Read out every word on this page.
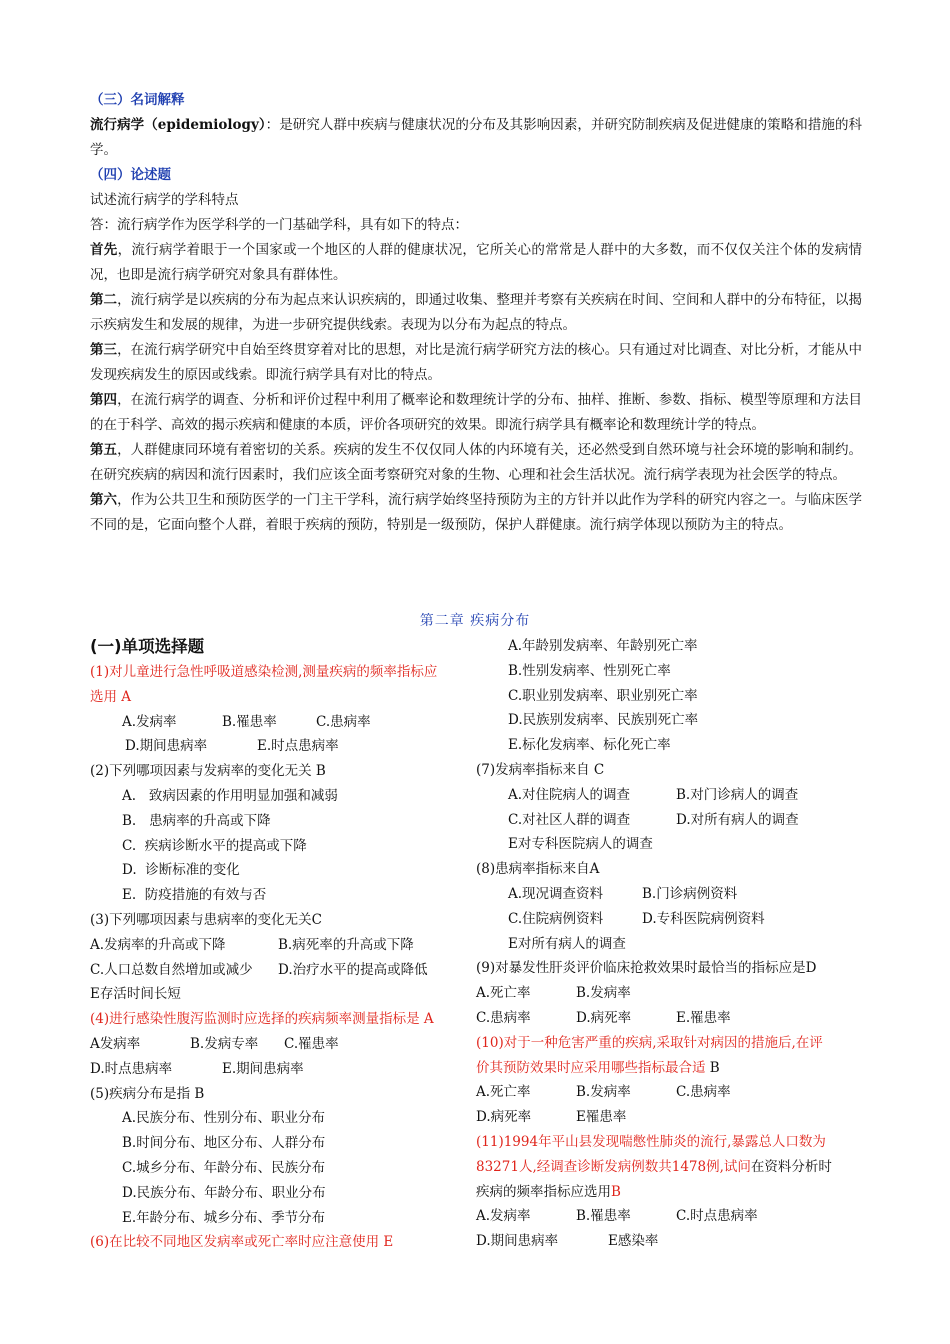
（三）名词解释

流行病学（epidemiology）：是研究人群中疾病与健康状况的分布及其影响因素，并研究防制疾病及促进健康的策略和措施的科学。

（四）论述题

试述流行病学的学科特点

答：流行病学作为医学科学的一门基础学科，具有如下的特点：

首先，流行病学着眼于一个国家或一个地区的人群的健康状况，它所关心的常常是人群中的大多数，而不仅仅关注个体的发病情况，也即是流行病学研究对象具有群体性。

第二，流行病学是以疾病的分布为起点来认识疾病的，即通过收集、整理并考察有关疾病在时间、空间和人群中的分布特征，以揭示疾病发生和发展的规律，为进一步研究提供线索。表现为以分布为起点的特点。

第三，在流行病学研究中自始至终贯穿着对比的思想，对比是流行病学研究方法的核心。只有通过对比调查、对比分析，才能从中发现疾病发生的原因或线索。即流行病学具有对比的特点。

第四，在流行病学的调查、分析和评价过程中利用了概率论和数理统计学的分布、抽样、推断、参数、指标、模型等原理和方法目的在于科学、高效的揭示疾病和健康的本质，评价各项研究的效果。即流行病学具有概率论和数理统计学的特点。

第五，人群健康同环境有着密切的关系。疾病的发生不仅仅同人体的内环境有关，还必然受到自然环境与社会环境的影响和制约。在研究疾病的病因和流行因素时，我们应该全面考察研究对象的生物、心理和社会生活状况。流行病学表现为社会医学的特点。

第六，作为公共卫生和预防医学的一门主干学科，流行病学始终坚持预防为主的方针并以此作为学科的研究内容之一。与临床医学不同的是，它面向整个人群，着眼于疾病的预防，特别是一级预防，保护人群健康。流行病学体现以预防为主的特点。

第二章 疾病分布
(一)单项选择题

(1)对儿童进行急性呼吸道感染检测,测量疾病的频率指标应

选用 A

A.发病率	B.罹患率	C.患病率
D.期间患病率	E.时点患病率

(2)下列哪项因素与发病率的变化无关 B

A.   致病因素的作用明显加强和减弱

B.   患病率的升高或下降

C.  疾病诊断水平的提高或下降

D.  诊断标准的变化

E.  防疫措施的有效与否

(3)下列哪项因素与患病率的变化无关C

A.发病率的升高或下降	B.病死率的升高或下降
C.人口总数自然增加或减少	D.治疗水平的提高或降低

E存活时间长短

(4)进行感染性腹泻监测时应选择的疾病频率测量指标是 A

A发病率	B.发病专率	C.罹患率
D.时点患病率	E.期间患病率

(5)疾病分布是指 B

A.民族分布、性别分布、职业分布

B.时间分布、地区分布、人群分布

C.城乡分布、年龄分布、民族分布

D.民族分布、年龄分布、职业分布

E.年龄分布、城乡分布、季节分布

(6)在比较不同地区发病率或死亡率时应注意使用 E

A.年龄别发病率、年龄别死亡率

B.性别发病率、性别死亡率

C.职业别发病率、职业别死亡率

D.民族别发病率、民族别死亡率

E.标化发病率、标化死亡率

(7)发病率指标来自 C

A.对住院病人的调查	B.对门诊病人的调查
C.对社区人群的调查	D.对所有病人的调查

E对专科医院病人的调查

(8)患病率指标来自A

A.现况调查资料	B.门诊病例资料
C.住院病例资料	D.专科医院病例资料

E对所有病人的调查

(9)对暴发性肝炎评价临床抢救效果时最恰当的指标应是D

A.死亡率	B.发病率
C.患病率	D.病死率	E.罹患率

(10)对于一种危害严重的疾病,采取针对病因的措施后,在评

价其预防效果时应采用哪些指标最合适 B

A.死亡率	B.发病率	C.患病率
D.病死率	E罹患率

(11)1994年平山县发现喘憋性肺炎的流行,暴露总人口数为

83271人,经调查诊断发病例数共1478例,试问在资料分析时

疾病的频率指标应选用B

A.发病率	B.罹患率	C.时点患病率
D.期间患病率	E感染率
